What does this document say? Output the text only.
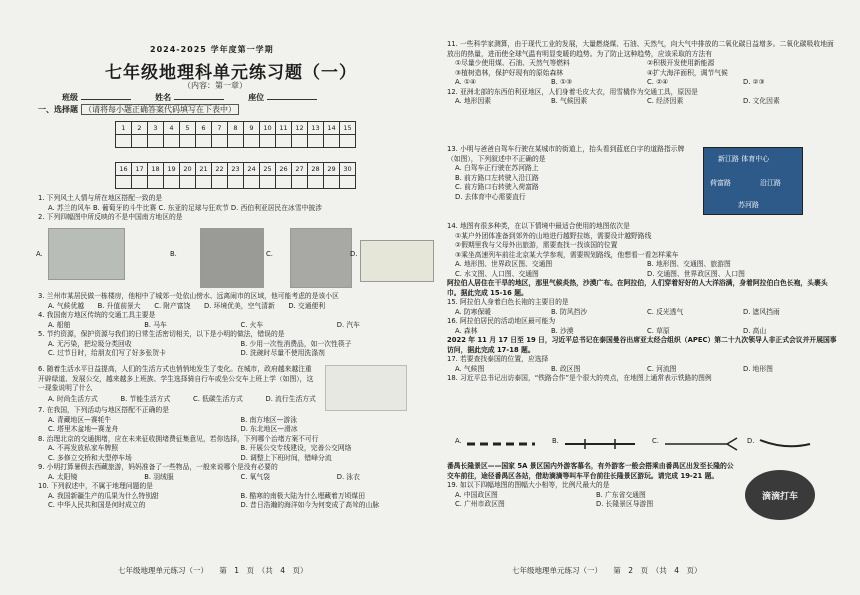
2024-2025 学年度第一学期
七年级地理科单元练习题（一）
（内容：第一章）
班级	姓名	座位
一、选择题 （请将每小题正确答案代码填写在下表中）
1	2	3	4	5	6	7	8	9	10	11	12	13	14	15

16	17	18	19	20	21	22	23	24	25	26	27	28	29	30

1. 下列风土人情与所在地区搭配一致的是
A. 苏兰的风车 B. 葡萄牙的斗牛比赛 C. 东亚的足球与狂欢节 D. 西伯利亚居民在冰雪中披涉
2. 下列四幅图中所反映的不是中国南方地区的是
A.	B.	C.	D.
3. 兰州市某居民做一栋楼房，他相中了城郊一处依山傍水、远离闹市的区域，他可能考虑的是该小区
A. 气候优越　　B. 升值前景大　　C. 附产富饶　　D. 环境优美，空气清新　　D. 交通便利
4. 我国南方地区传统的交通工具主要是
A. 船舶	B. 马车	C. 火车	D. 汽车
5. 节约资源，保护资源与我们的日常生活密切相关，以下是小明的做法，错误的是
A. 无污染，把垃圾分类回收	B. 少用一次性消费品，如一次性筷子
C. 过节日时，给朋友们写了好多张贺卡	D. 洗碗时尽量不使用洗涤剂
6. 随着生活水平日益提高，人们的生活方式也悄悄地发生了变化。在城市，政府越来越注重开辟绿道、发展公交，越来越多上班族、学生选择骑自行车或坐公交车上班上学（如图），这一现象说明了什么
A. 时尚生活方式	B. 节能生活方式	C. 低碳生活方式	D. 流行生活方式
7. 在我国，下列活动与地区搭配不正确的是
A. 青藏地区—赛牦牛	B. 南方地区—游泳
C. 塔里木盆地—赛龙舟	D. 东北地区—滑冰
8. 治理北京的交通拥堵，应在未来征收拥堵费征集意见，若你选择，下列哪个治堵方案不可行
A. 不再发放私家车牌照	B. 开展公交专线建设，完善公交网络
C. 多修立交桥和大型停车场	D. 调整上下班时间，错峰分流
9. 小明打算暑假去西藏旅游，妈妈准备了一些物品，一般来说哪个是没有必要的
A. 太阳镜	B. 羽绒服	C. 氧气袋	D. 泳衣
10. 下列叙述中，不属于地理问题的是
A. 我国新疆生产的瓜果为什么特别甜	B. 酷寒的南极大陆为什么埋藏着万顷煤田
C. 中华人民共和国是何时成立的	D. 昔日浩瀚的海洋如今为何变成了高耸的山脉
11. 一些科学家测算，由于现代工业的发展，大量燃烧煤、石油、天然气，向大气中排放的二氧化碳日益增多。二氧化碳吸收地面放出的热量，进而使全球气温有明显变暖的趋势。为了防止这种趋势，应该采取的方法有
①尽量少使用煤、石油、天然气等燃料	②积极开发使用新能源
③植树造林，保护好现有的原始森林	④扩大海洋面积，调节气候
A. ①④	B. ①③	C. ②④	D. ②③
12. 亚洲北部的东西伯利亚地区，人们身着毛皮大衣，用雪橇作为交通工具，原因是
A. 地形因素	B. 气候因素	C. 经济因素	D. 文化因素
13. 小明与爸爸自驾车行驶在某城市的街道上，抬头看到蓝底白字的道路指示牌（如图），下列叙述中不正确的是
A. 白驾车正行驶在苏河路上
B. 前方路口左转驶入沿江路
C. 前方路口右转驶入荷富路
D. 去体育中心需要直行
新江路 体育中心
荷富路	沿江路
苏河路
14. 地图有很多种类，在以下情境中最适合使用的地图依次是
①某户外团体准备到郊外的山地进行越野拉练，需要设计越野路线
②假期里我与父母外出旅游，需要查找一找该国的位置
③乘坐高速列车前往北京某大学参观，需要规划路线，他想看一看怎样乘车
A. 地形图、世界政区图、交通图	B. 地形图、交通图、旅游图
C. 水文图、人口图、交通图	D. 交通图、世界政区图、人口图
阿拉伯人居住在干旱的地区，那里气候炎热，沙漠广布。在阿拉伯，人们穿着好好的人大洋浴满，身着阿拉伯白色长袍，头裹头巾。据此完成 15-16 题。
15. 阿拉伯人身着白色长袍的主要目的是
A. 防寒保暖	B. 防风挡沙	C. 反光透气	D. 遮风挡雨
16. 阿拉伯居民的活动地区最可能为
A. 森林	B. 沙漠	C. 草原	D. 高山
2022 年 11 月 17 日至 19 日，习近平总书记在泰国曼谷出席亚太经合组织（APEC）第二十九次领导人非正式会议并开展国事访问，据此完成 17-18 题。
17. 若要查找泰国的位置，应选择
A. 气候图	B. 政区图	C. 河流图	D. 地形图
18. 习近平总书记出访泰国，“铁路合作”是个很大的亮点，在地图上通常表示铁路的图例
A.	B.	C.	D.
番禺长隆景区——国家 5A 景区国内外游客慕名，有外游客一般会搭乘由番禺区出发至长隆的公交车前往，途径番禺区各站，借助滴滴等叫车平台前往长隆景区游玩。请完成 19-21 题。
19. 如以下四幅地图的图幅大小相等，比例尺最大的是
A. 中国政区图	B. 广东省交通图
C. 广州市政区图	D. 长隆景区导游图
滴滴打车
七年级地理单元练习（一）　　第　1　页　（共　4　页）	七年级地理单元练习（一）　　第　2　页　（共　4　页）
